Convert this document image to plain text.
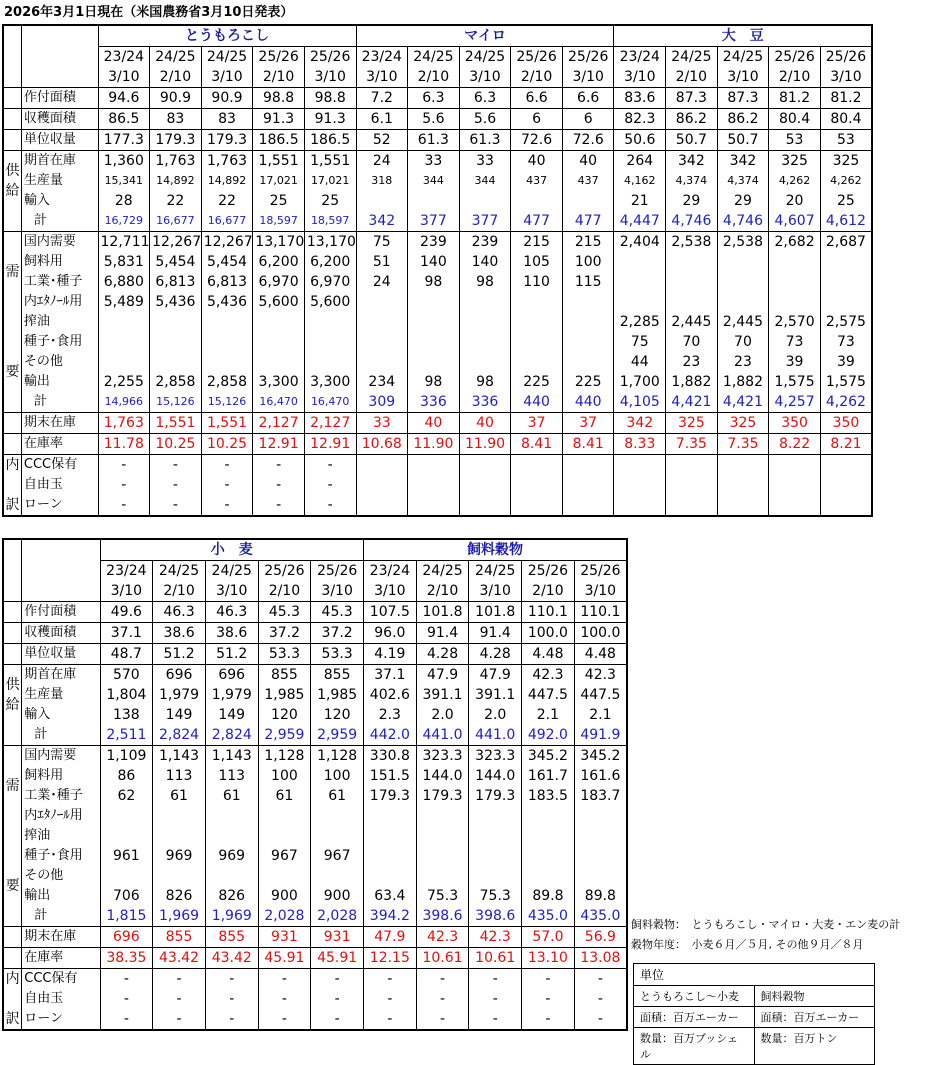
2026年3月1日現在（米国農務省3月10日発表）
		とうもろこし					マイロ					大　豆				
		23/24	24/25	24/25	25/26	25/26	23/24	24/25	24/25	25/26	25/26	23/24	24/25	24/25	25/26	25/26
		3/10	2/10	3/10	2/10	3/10	3/10	2/10	3/10	2/10	3/10	3/10	2/10	3/10	2/10	3/10
	作付面積	94.6	90.9	90.9	98.8	98.8	7.2	6.3	6.3	6.6	6.6	83.6	87.3	87.3	81.2	81.2
	収穫面積	86.5	83	83	91.3	91.3	6.1	5.6	5.6	6	6	82.3	86.2	86.2	80.4	80.4
	単位収量	177.3	179.3	179.3	186.5	186.5	52	61.3	61.3	72.6	72.6	50.6	50.7	50.7	53	53
供
給	期首在庫	1,360	1,763	1,763	1,551	1,551	24	33	33	40	40	264	342	342	325	325
	生産量	15,341	14,892	14,892	17,021	17,021	318	344	344	437	437	4,162	4,374	4,374	4,262	4,262
	輸入	28	22	22	25	25						21	29	29	20	25
	計	16,729	16,677	16,677	18,597	18,597	342	377	377	477	477	4,447	4,746	4,746	4,607	4,612
需

要	国内需要	12,711	12,267	12,267	13,170	13,170	75	239	239	215	215	2,404	2,538	2,538	2,682	2,687
	飼料用	5,831	5,454	5,454	6,200	6,200	51	140	140	105	100					
	工業･種子	6,880	6,813	6,813	6,970	6,970	24	98	98	110	115					
	内ｴﾀﾉｰﾙ用	5,489	5,436	5,436	5,600	5,600										
	搾油											2,285	2,445	2,445	2,570	2,575
	種子･食用											75	70	70	73	73
	その他											44	23	23	39	39
	輸出	2,255	2,858	2,858	3,300	3,300	234	98	98	225	225	1,700	1,882	1,882	1,575	1,575
	計	14,966	15,126	15,126	16,470	16,470	309	336	336	440	440	4,105	4,421	4,421	4,257	4,262
	期末在庫	1,763	1,551	1,551	2,127	2,127	33	40	40	37	37	342	325	325	350	350
	在庫率	11.78	10.25	10.25	12.91	12.91	10.68	11.90	11.90	8.41	8.41	8.33	7.35	7.35	8.22	8.21
内

訳	CCC保有	-	-	-	-	-										
	自由玉	-	-	-	-	-										
	ローン	-	-	-	-	-										
		小　麦					飼料穀物				
		23/24	24/25	24/25	25/26	25/26	23/24	24/25	24/25	25/26	25/26
		3/10	2/10	3/10	2/10	3/10	3/10	2/10	3/10	2/10	3/10
	作付面積	49.6	46.3	46.3	45.3	45.3	107.5	101.8	101.8	110.1	110.1
	収穫面積	37.1	38.6	38.6	37.2	37.2	96.0	91.4	91.4	100.0	100.0
	単位収量	48.7	51.2	51.2	53.3	53.3	4.19	4.28	4.28	4.48	4.48
供
給	期首在庫	570	696	696	855	855	37.1	47.9	47.9	42.3	42.3
	生産量	1,804	1,979	1,979	1,985	1,985	402.6	391.1	391.1	447.5	447.5
	輸入	138	149	149	120	120	2.3	2.0	2.0	2.1	2.1
	計	2,511	2,824	2,824	2,959	2,959	442.0	441.0	441.0	492.0	491.9
需

要	国内需要	1,109	1,143	1,143	1,128	1,128	330.8	323.3	323.3	345.2	345.2
	飼料用	86	113	113	100	100	151.5	144.0	144.0	161.7	161.6
	工業･種子	62	61	61	61	61	179.3	179.3	179.3	183.5	183.7
	内ｴﾀﾉｰﾙ用										
	搾油										
	種子･食用	961	969	969	967	967					
	その他										
	輸出	706	826	826	900	900	63.4	75.3	75.3	89.8	89.8
	計	1,815	1,969	1,969	2,028	2,028	394.2	398.6	398.6	435.0	435.0
	期末在庫	696	855	855	931	931	47.9	42.3	42.3	57.0	56.9
	在庫率	38.35	43.42	43.42	45.91	45.91	12.15	10.61	10.61	13.10	13.08
内

訳	CCC保有	-	-	-	-	-	-	-	-	-	-
	自由玉	-	-	-	-	-	-	-	-	-	-
	ローン	-	-	-	-	-	-	-	-	-	-
飼料穀物：　とうもろこし・マイロ・大麦・エン麦の計
穀物年度：　小麦６月／５月, その他９月／８月
単位
とうもろこし～小麦	飼料穀物
面積：百万エーカー	面積：百万エーカー
数量：百万ブッシェル
数量：百万トン
